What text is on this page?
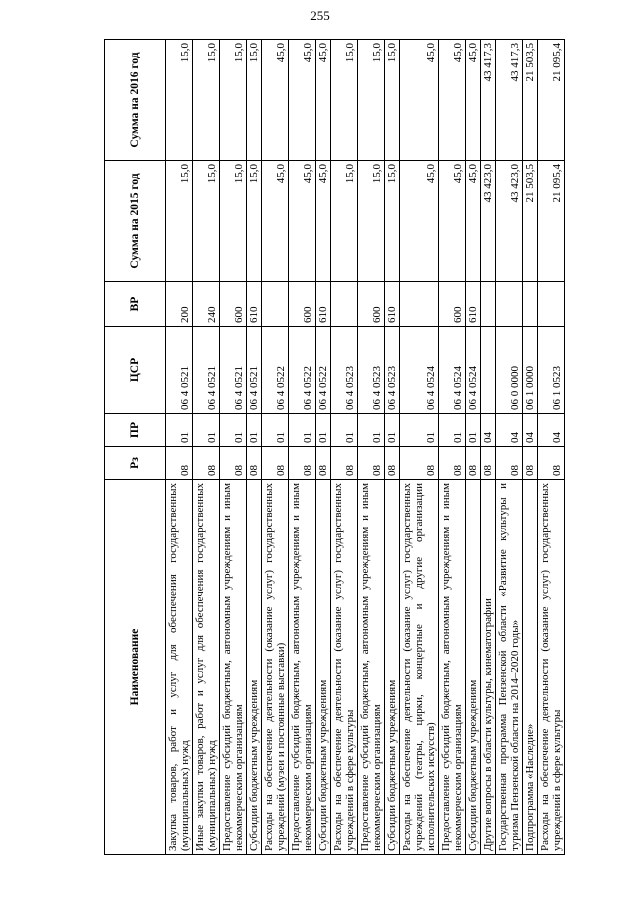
255
Наименование	Рз	ПР	ЦСР	ВР	Сумма на 2015 год	Сумма на 2016 год
Закупка товаров, работ и услуг для обеспечения государственных (муниципальных) нужд	08	01	06 4 0521	200	15,0	15,0
Иные закупки товаров, работ и услуг для обеспечения государственных (муниципальных) нужд	08	01	06 4 0521	240	15,0	15,0
Предоставление субсидий бюджетным, автономным учреждениям и иным некоммерческим организациям	08	01	06 4 0521	600	15,0	15,0
Субсидии бюджетным учреждениям	08	01	06 4 0521	610	15,0	15,0
Расходы на обеспечение деятельности (оказание услуг) государственных учреждений (музеи и постоянные выставки)	08	01	06 4 0522		45,0	45,0
Предоставление субсидий бюджетным, автономным учреждениям и иным некоммерческим организациям	08	01	06 4 0522	600	45,0	45,0
Субсидии бюджетным учреждениям	08	01	06 4 0522	610	45,0	45,0
Расходы на обеспечение деятельности (оказание услуг) государственных учреждений в сфере культуры	08	01	06 4 0523		15,0	15,0
Предоставление субсидий бюджетным, автономным учреждениям и иным некоммерческим организациям	08	01	06 4 0523	600	15,0	15,0
Субсидии бюджетным учреждениям	08	01	06 4 0523	610	15,0	15,0
Расходы на обеспечение деятельности (оказание услуг) государственных учреждений (театры, цирки, концертные и другие организации исполнительских искусств)	08	01	06 4 0524		45,0	45,0
Предоставление субсидий бюджетным, автономным учреждениям и иным некоммерческим организациям	08	01	06 4 0524	600	45,0	45,0
Субсидии бюджетным учреждениям	08	01	06 4 0524	610	45,0	45,0
Другие вопросы в области культуры, кинематографии	08	04			43 423,0	43 417,3
Государственная программа Пензенской области «Развитие культуры и туризма Пензенской области на 2014–2020 годы»	08	04	06 0 0000		43 423,0	43 417,3
Подпрограмма «Наследие»	08	04	06 1 0000		21 503,5	21 503,5
Расходы на обеспечение деятельности (оказание услуг) государственных учреждений в сфере культуры	08	04	06 1 0523		21 095,4	21 095,4
